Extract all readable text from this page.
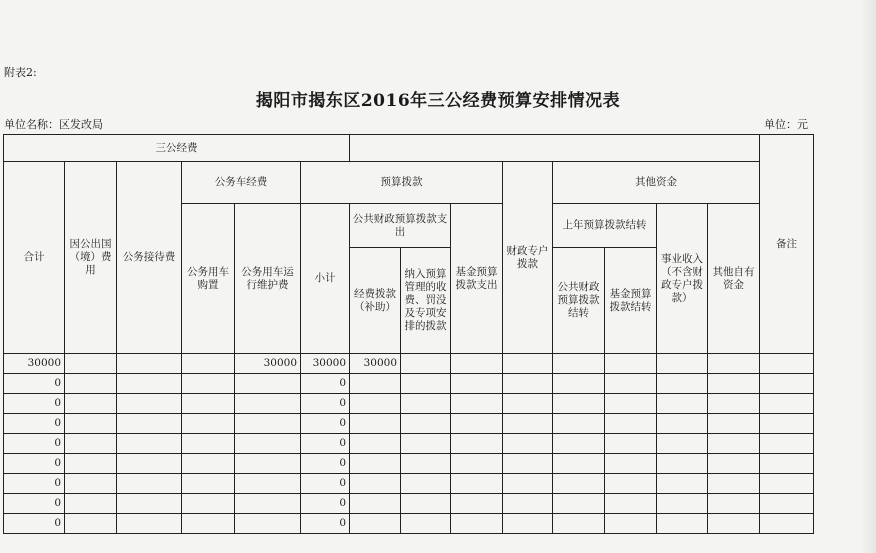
附表2:
揭阳市揭东区2016年三公经费预算安排情况表
单位名称：区发改局	单位：元
三公经费														备注
合计	因公出国（境）费用	公务接待费	公务车经费		预算拨款				财政专户拨款	其他资金				
			公务用车购置	公务用车运行维护费	小计	公共财政预算拨款支出		基金预算拨款支出		上年预算拨款结转		事业收入（不含财政专户拨款）	其他自有资金	
						经费拨款（补助）	纳入预算管理的收费、罚没及专项安排的拨款			公共财政预算拨款结转	基金预算拨款结转			

30000				30000	30000	30000								
0					0									
0					0									
0					0									
0					0									
0					0									
0					0									
0					0									
0					0									
